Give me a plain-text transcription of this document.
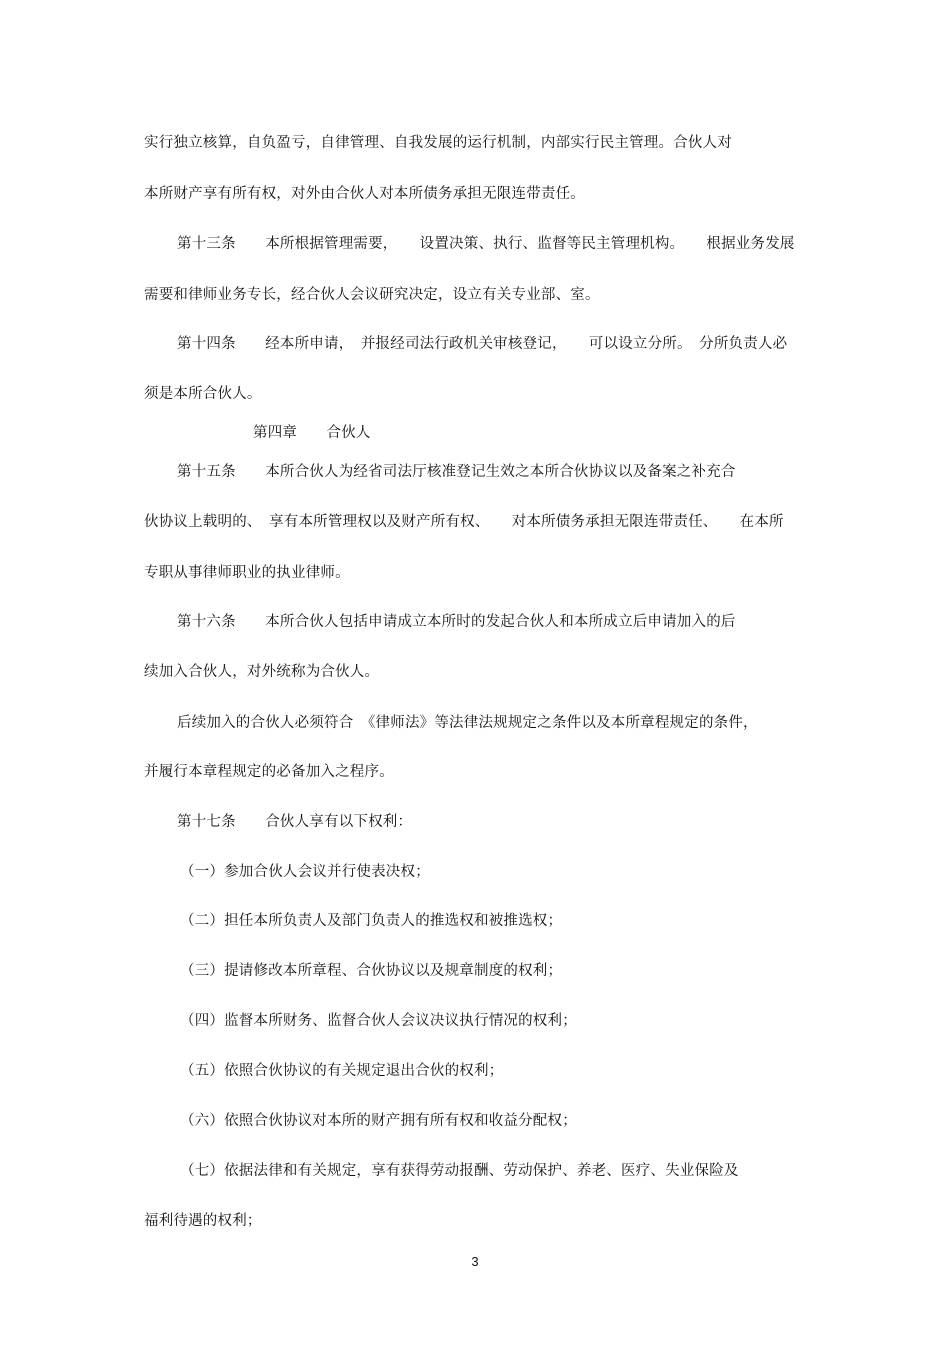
实行独立核算，自负盈亏，自律管理、自我发展的运行机制，内部实行民主管理。合伙人对
本所财产享有所有权，对外由合伙人对本所债务承担无限连带责任。
第十三条　　本所根据管理需要，　　设置决策、执行、监督等民主管理机构。　　根据业务发展
需要和律师业务专长，经合伙人会议研究决定，设立有关专业部、室。
第十四条　　经本所申请，　并报经司法行政机关审核登记，　　可以设立分所。　分所负责人必
须是本所合伙人。
第四章　　合伙人
第十五条　　本所合伙人为经省司法厅核准登记生效之本所合伙协议以及备案之补充合
伙协议上载明的、　享有本所管理权以及财产所有权、　　对本所债务承担无限连带责任、　　在本所
专职从事律师职业的执业律师。
第十六条　　本所合伙人包括申请成立本所时的发起合伙人和本所成立后申请加入的后
续加入合伙人，对外统称为合伙人。
后续加入的合伙人必须符合　《律师法》等法律法规规定之条件以及本所章程规定的条件，
并履行本章程规定的必备加入之程序。
第十七条　　合伙人享有以下权利：
（一）参加合伙人会议并行使表决权；
（二）担任本所负责人及部门负责人的推选权和被推选权；
（三）提请修改本所章程、合伙协议以及规章制度的权利；
（四）监督本所财务、监督合伙人会议决议执行情况的权利；
（五）依照合伙协议的有关规定退出合伙的权利；
（六）依照合伙协议对本所的财产拥有所有权和收益分配权；
（七）依据法律和有关规定，享有获得劳动报酬、劳动保护、养老、医疗、失业保险及
福利待遇的权利；
3
